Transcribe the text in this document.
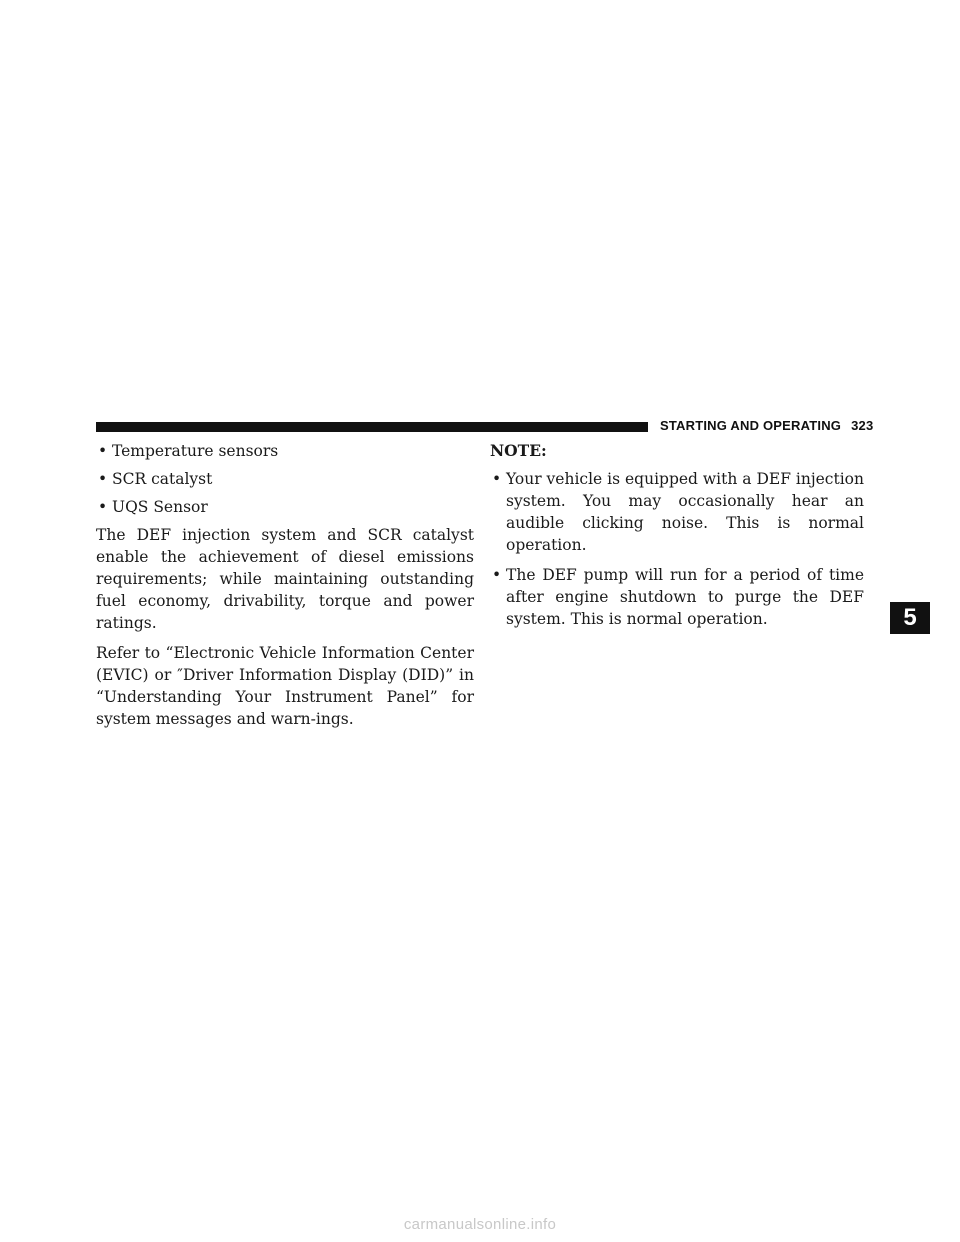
STARTING AND OPERATING 323
• Temperature sensors
• SCR catalyst
• UQS Sensor

The DEF injection system and SCR catalyst enable the achievement of diesel emissions requirements; while maintaining outstanding fuel economy, drivability, torque and power ratings.

Refer to “Electronic Vehicle Information Center (EVIC) or ″Driver Information Display (DID)” in “Understanding Your Instrument Panel” for system messages and warn-ings.

NOTE:
• Your vehicle is equipped with a DEF injection system. You may occasionally hear an audible clicking noise. This is normal operation.
• The DEF pump will run for a period of time after engine shutdown to purge the DEF system. This is normal operation.	5
carmanualsonline.info
